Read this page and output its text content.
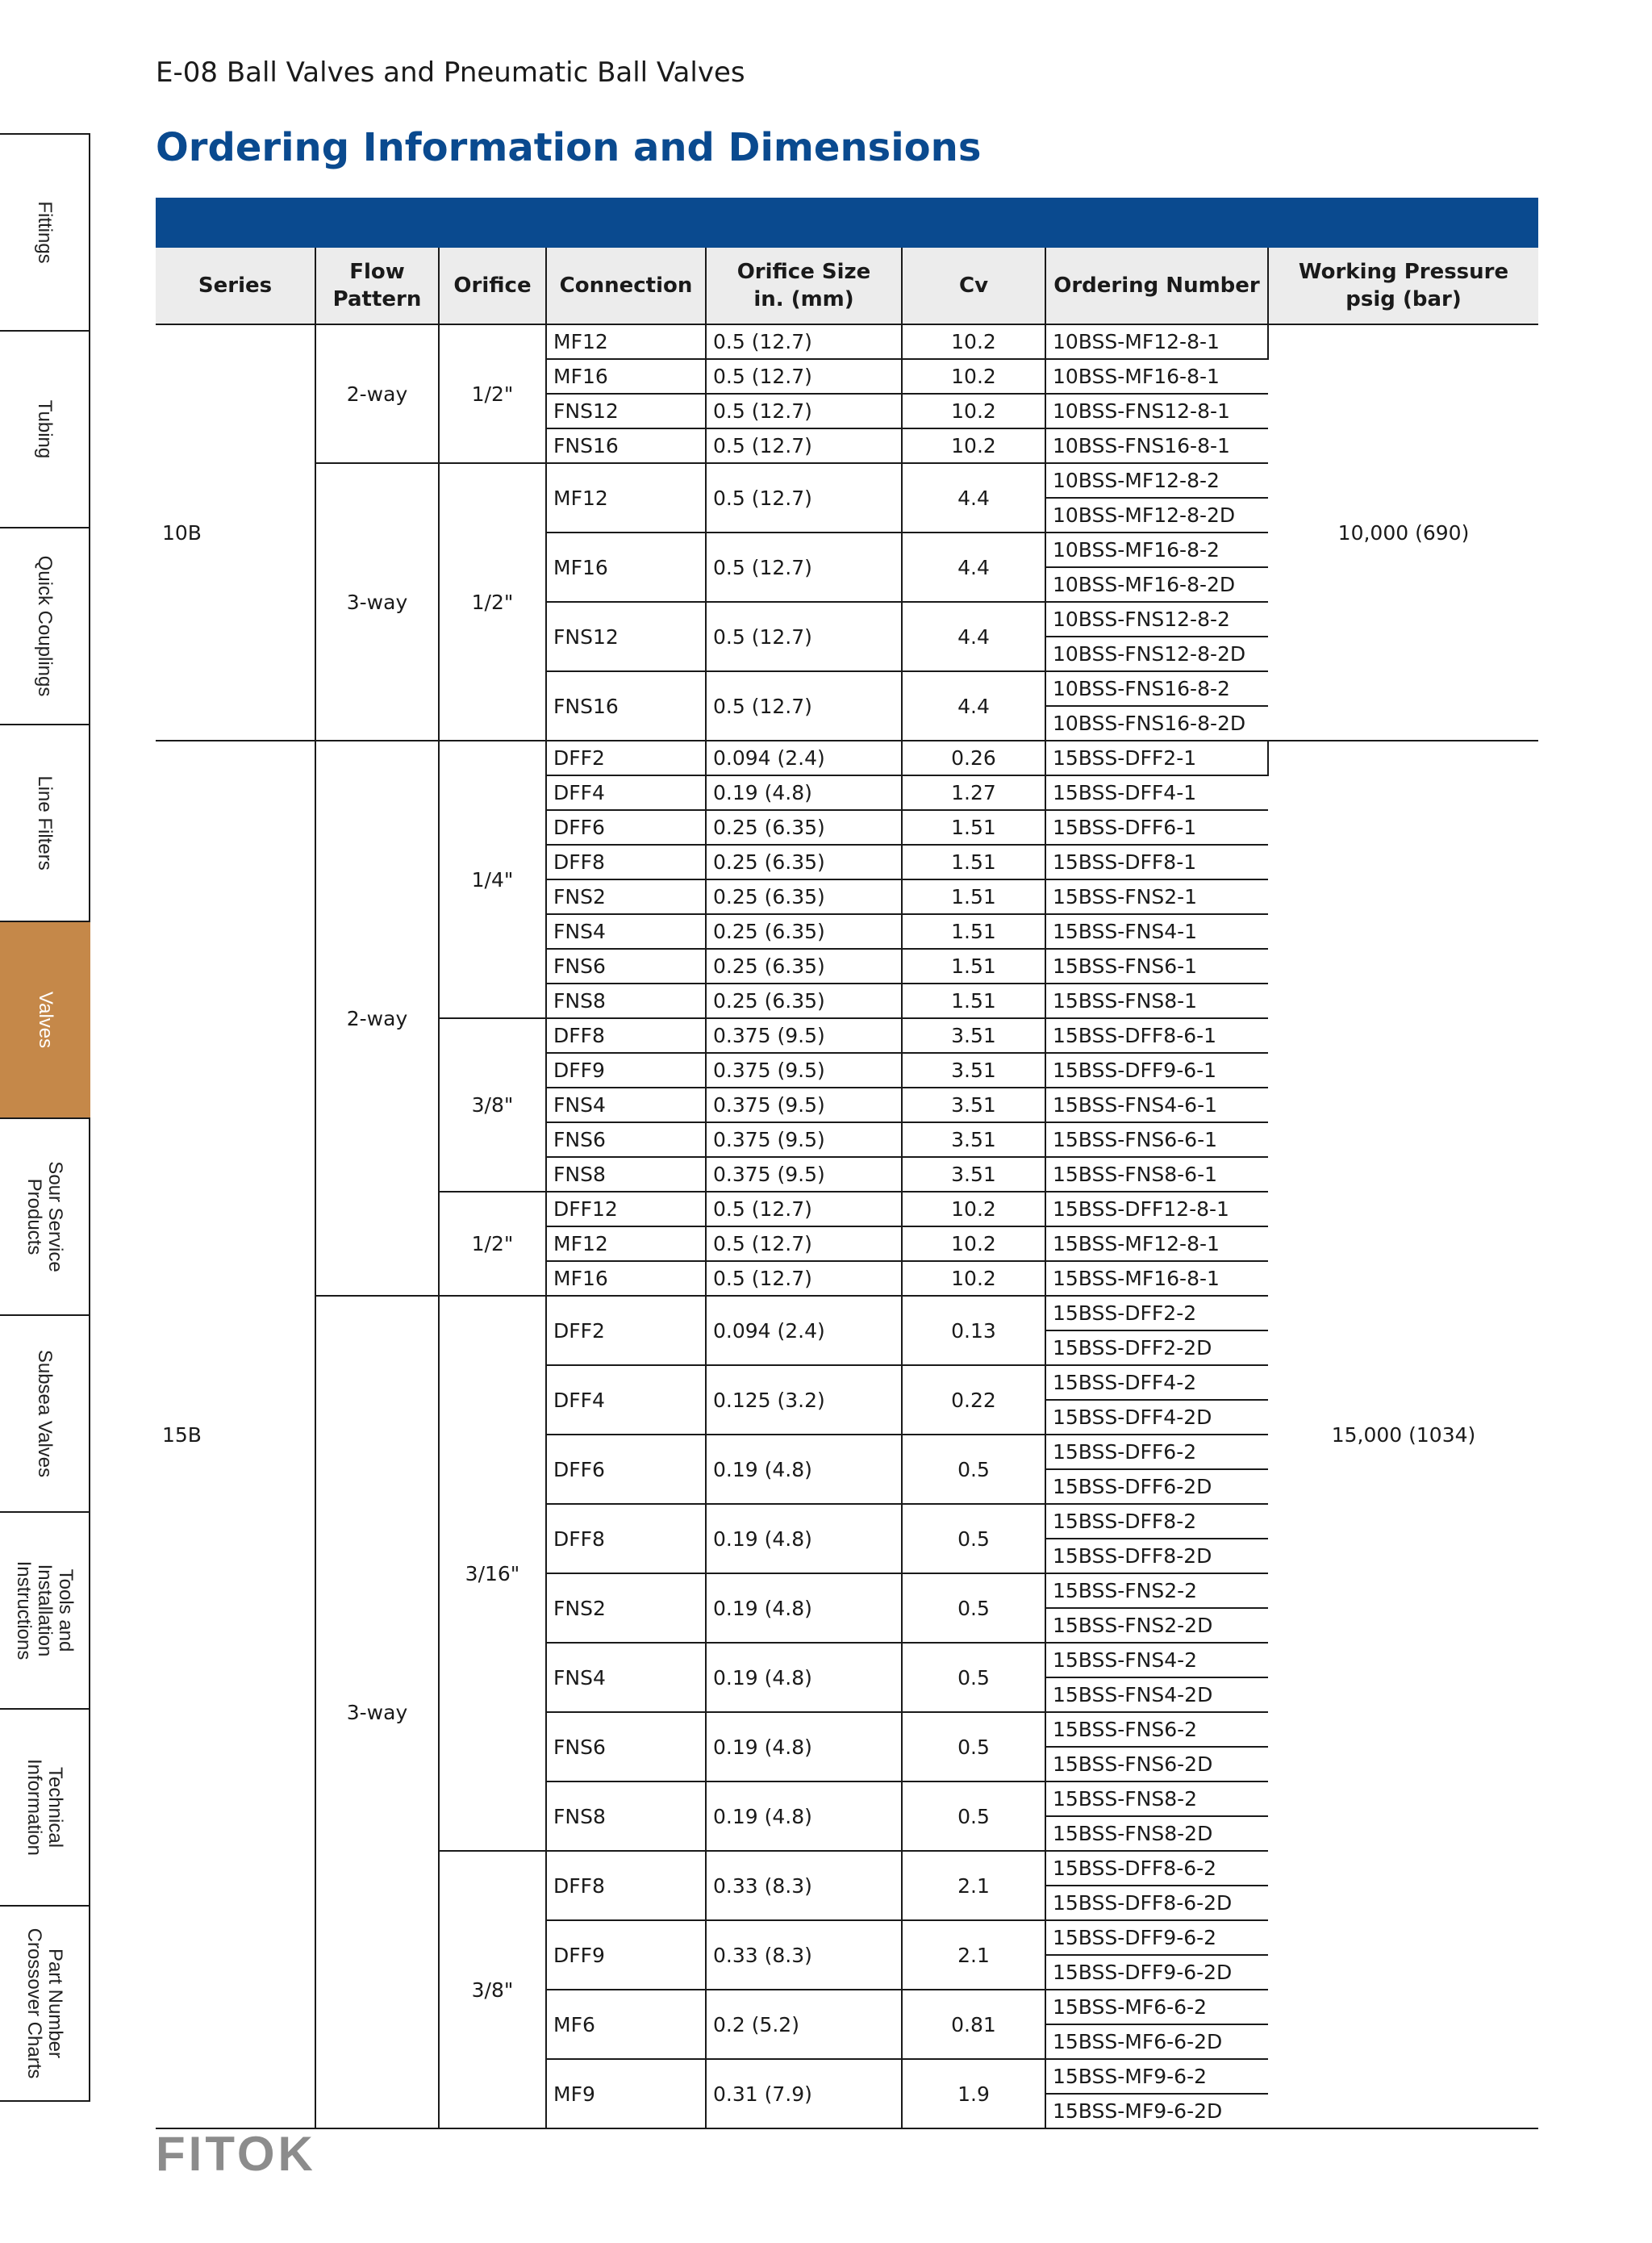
E-08 Ball Valves and Pneumatic Ball Valves
Ordering Information and Dimensions
Fittings
Tubing
Quick Couplings
Line Filters
Valves
Sour Service
Products
Subsea Valves
Tools and
Installation
Instructions
Technical
Information
Part Number
Crossover Charts
Series	Flow
Pattern	Orifice	Connection	Orifice Size
in. (mm)	Cv	Ordering Number	Working Pressure
psig (bar)
10B	2-way	1/2"	MF12	0.5 (12.7)	10.2	10BSS-MF12-8-1	10,000 (690)
			MF16	0.5 (12.7)	10.2	10BSS-MF16-8-1	
			FNS12	0.5 (12.7)	10.2	10BSS-FNS12-8-1	
			FNS16	0.5 (12.7)	10.2	10BSS-FNS16-8-1	
	3-way	1/2"	MF12	0.5 (12.7)	4.4	10BSS-MF12-8-2	
						10BSS-MF12-8-2D	
			MF16	0.5 (12.7)	4.4	10BSS-MF16-8-2	
						10BSS-MF16-8-2D	
			FNS12	0.5 (12.7)	4.4	10BSS-FNS12-8-2	
						10BSS-FNS12-8-2D	
			FNS16	0.5 (12.7)	4.4	10BSS-FNS16-8-2	
						10BSS-FNS16-8-2D	
15B	2-way	1/4"	DFF2	0.094 (2.4)	0.26	15BSS-DFF2-1	15,000 (1034)
			DFF4	0.19 (4.8)	1.27	15BSS-DFF4-1	
			DFF6	0.25 (6.35)	1.51	15BSS-DFF6-1	
			DFF8	0.25 (6.35)	1.51	15BSS-DFF8-1	
			FNS2	0.25 (6.35)	1.51	15BSS-FNS2-1	
			FNS4	0.25 (6.35)	1.51	15BSS-FNS4-1	
			FNS6	0.25 (6.35)	1.51	15BSS-FNS6-1	
			FNS8	0.25 (6.35)	1.51	15BSS-FNS8-1	
		3/8"	DFF8	0.375 (9.5)	3.51	15BSS-DFF8-6-1	
			DFF9	0.375 (9.5)	3.51	15BSS-DFF9-6-1	
			FNS4	0.375 (9.5)	3.51	15BSS-FNS4-6-1	
			FNS6	0.375 (9.5)	3.51	15BSS-FNS6-6-1	
			FNS8	0.375 (9.5)	3.51	15BSS-FNS8-6-1	
		1/2"	DFF12	0.5 (12.7)	10.2	15BSS-DFF12-8-1	
			MF12	0.5 (12.7)	10.2	15BSS-MF12-8-1	
			MF16	0.5 (12.7)	10.2	15BSS-MF16-8-1	
	3-way	3/16"	DFF2	0.094 (2.4)	0.13	15BSS-DFF2-2	
						15BSS-DFF2-2D	
			DFF4	0.125 (3.2)	0.22	15BSS-DFF4-2	
						15BSS-DFF4-2D	
			DFF6	0.19 (4.8)	0.5	15BSS-DFF6-2	
						15BSS-DFF6-2D	
			DFF8	0.19 (4.8)	0.5	15BSS-DFF8-2	
						15BSS-DFF8-2D	
			FNS2	0.19 (4.8)	0.5	15BSS-FNS2-2	
						15BSS-FNS2-2D	
			FNS4	0.19 (4.8)	0.5	15BSS-FNS4-2	
						15BSS-FNS4-2D	
			FNS6	0.19 (4.8)	0.5	15BSS-FNS6-2	
						15BSS-FNS6-2D	
			FNS8	0.19 (4.8)	0.5	15BSS-FNS8-2	
						15BSS-FNS8-2D	
		3/8"	DFF8	0.33 (8.3)	2.1	15BSS-DFF8-6-2	
						15BSS-DFF8-6-2D	
			DFF9	0.33 (8.3)	2.1	15BSS-DFF9-6-2	
						15BSS-DFF9-6-2D	
			MF6	0.2 (5.2)	0.81	15BSS-MF6-6-2	
						15BSS-MF6-6-2D	
			MF9	0.31 (7.9)	1.9	15BSS-MF9-6-2	
						15BSS-MF9-6-2D	
FITOK
